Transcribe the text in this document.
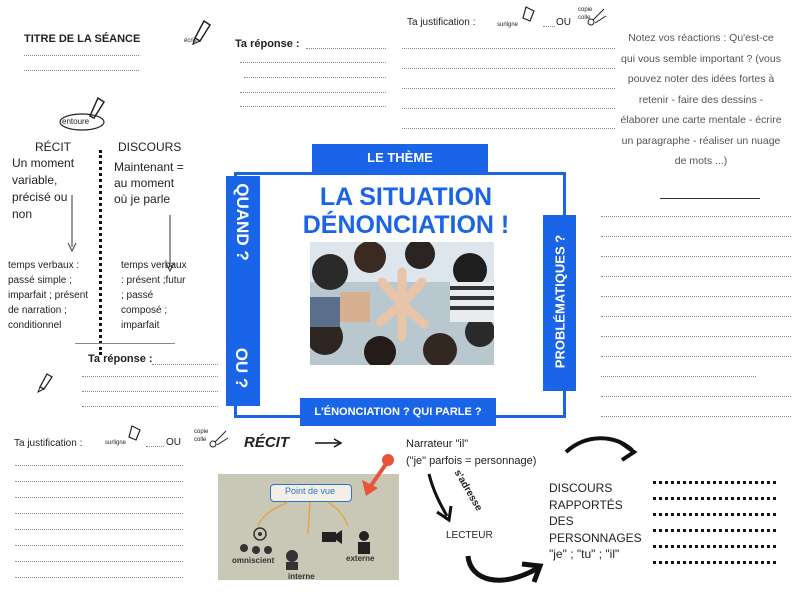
TITRE DE LA SÉANCE	écris
entoure
RÉCIT
Un moment variable, précisé ou non
temps verbaux : passé simple ; imparfait ; présent de narration ; conditionnel
DISCOURS
Maintenant = au moment où je parle
temps verbaux : présent ;futur ; passé composé ; imparfait
Ta réponse :
Ta justification :	surligne	OU
copie colle
Ta réponse :
Ta justification :	surligne	OU
copie colle
Notez vos réactions : Qu'est-ce qui vous semble important ? (vous pouvez noter des idées fortes à retenir - faire des dessins - élaborer une carte mentale - écrire un paragraphe - réaliser un nuage de mots ...)
LE THÈME
LA SITUATION
DÉNONCIATION !
QUAND ?
OU ?	PROBLÉMATIQUES ?
L'ÉNONCIATION ? QUI PARLE ?
RÉCIT	Narrateur "il"
("je" parfois = personnage)
s'adresse
LECTEUR
DISCOURS
RAPPORTÉS
DES
PERSONNAGES
"je" ; "tu" ; "il"
Point de vue
omniscient
interne
externe
